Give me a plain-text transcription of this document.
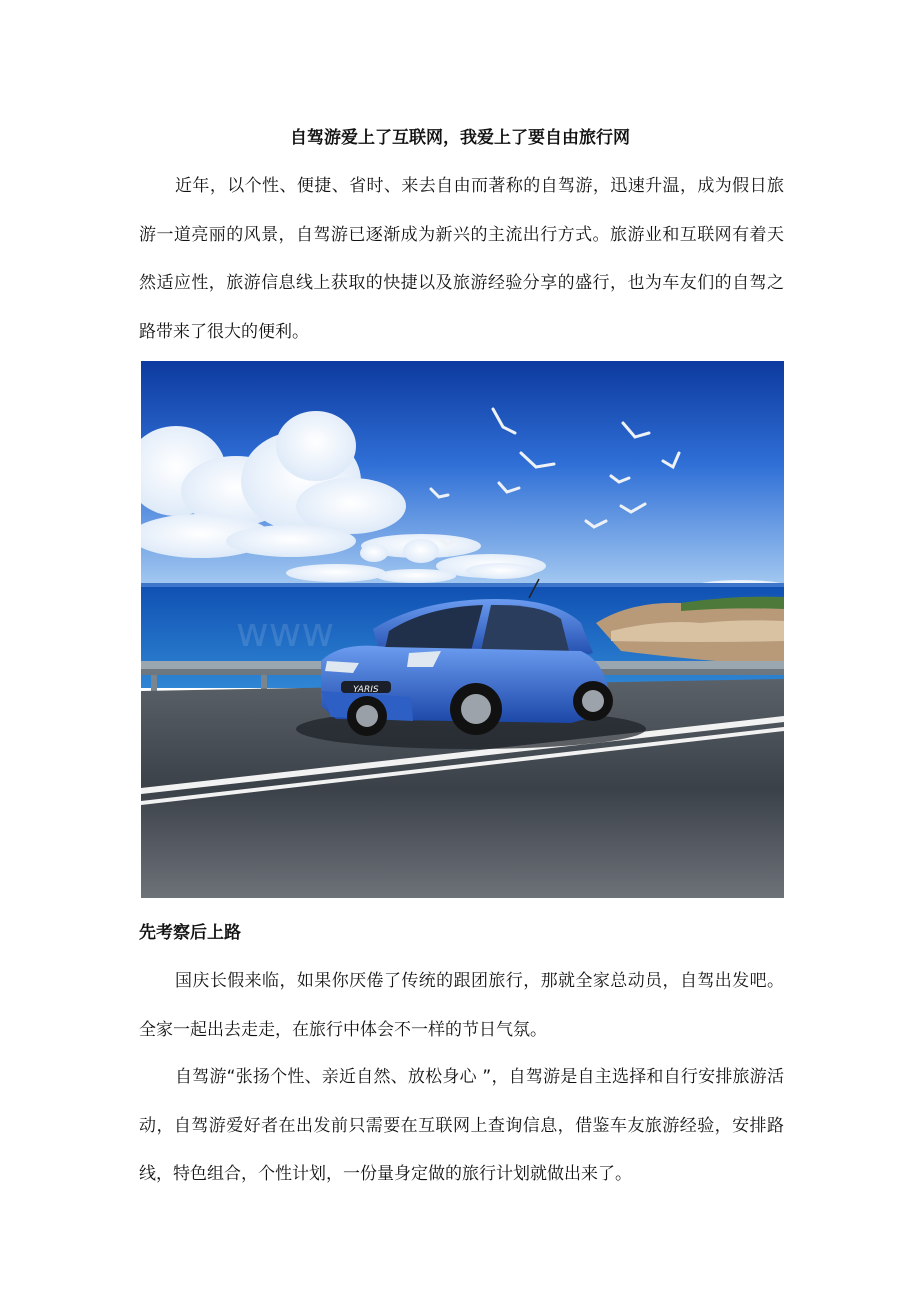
自驾游爱上了互联网，我爱上了要自由旅行网

近年，以个性、便捷、省时、来去自由而著称的自驾游，迅速升温，成为假日旅游一道亮丽的风景，自驾游已逐渐成为新兴的主流出行方式。旅游业和互联网有着天然适应性，旅游信息线上获取的快捷以及旅游经验分享的盛行，也为车友们的自驾之路带来了很大的便利。

YARIS
www
先考察后上路

国庆长假来临，如果你厌倦了传统的跟团旅行，那就全家总动员，自驾出发吧。全家一起出去走走，在旅行中体会不一样的节日气氛。

自驾游“张扬个性、亲近自然、放松身心 ”，自驾游是自主选择和自行安排旅游活动，自驾游爱好者在出发前只需要在互联网上查询信息，借鉴车友旅游经验，安排路线，特色组合，个性计划，一份量身定做的旅行计划就做出来了。
